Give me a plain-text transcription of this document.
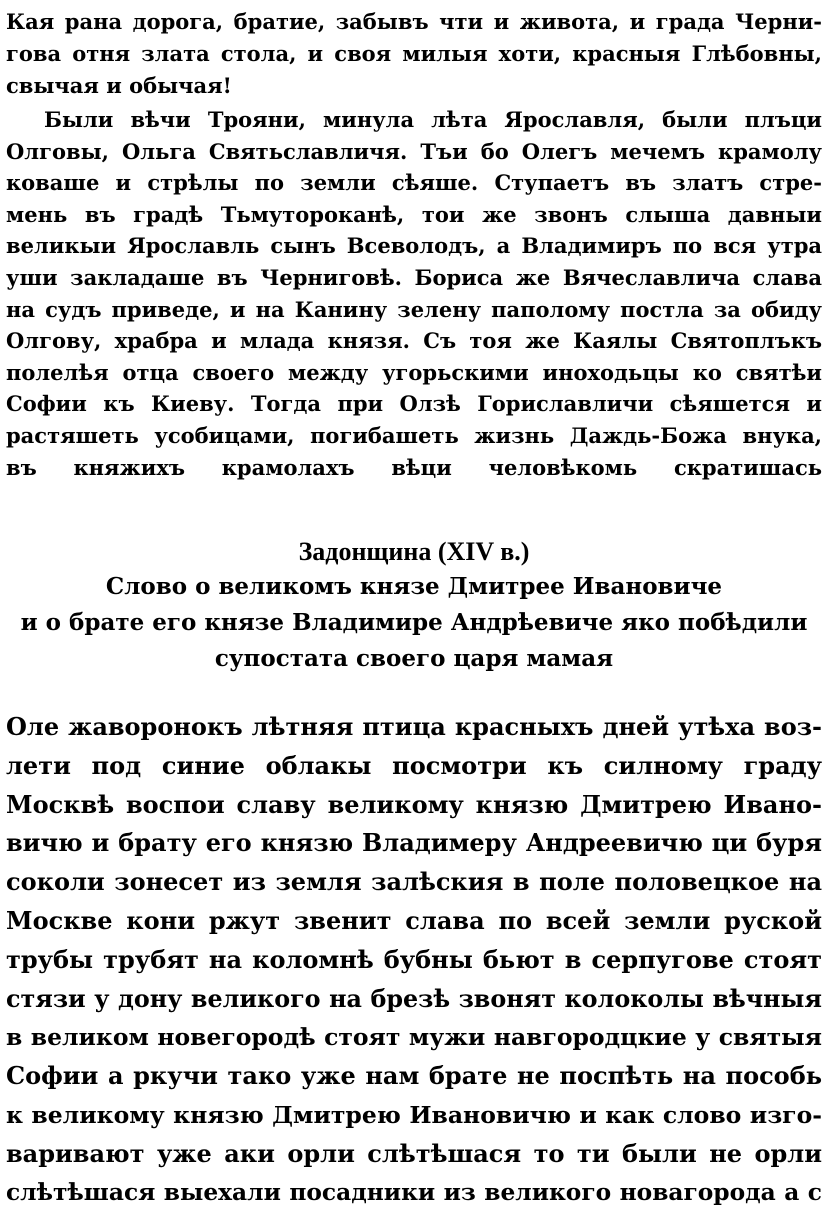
Кая рана дорога, братие, забывъ чти и живота, и града Черни-
гова отня злата стола, и своя милыя хоти, красныя Глѣбовны,
свычая и обычая!

Были вѣчи Трояни, минула лѣта Ярославля, были плъци
Олговы, Ольга Святьславличя. Тъи бо Олегъ мечемъ крамолу
коваше и стрѣлы по земли сѣяше. Ступаетъ въ златъ стре-
мень въ градѣ Тьмутороканѣ, тои же звонъ слыша давныи
великыи Ярославль сынъ Всеволодъ, а Владимиръ по вся утра
уши закладаше въ Черниговѣ. Бориса же Вячеславлича слава
на судъ приведе, и на Канину зелену паполому постла за обиду
Олгову, храбра и млада князя. Съ тоя же Каялы Святоплъкъ
полелѣя отца своего между угорьскими иноходьцы ко святѣи
Софии къ Киеву. Тогда при Олзѣ Гориславличи сѣяшется и
растяшеть усобицами, погибашеть жизнь Даждь-Божа внука,
въ княжихъ крамолахъ вѣци человѣкомь скратишась

Задонщина (XIV в.)
Слово о великомъ князе Дмитрее Ивановиче
и о брате его князе Владимире Андрѣевиче яко побѣдили
супостата своего царя мамая

Оле жаворонокъ лѣтняя птица красныхъ дней утѣха воз-
лети под синие облакы посмотри къ силному граду
Москвѣ воспои славу великому князю Дмитрею Ивано-
вичю и брату его князю Владимеру Андреевичю ци буря
соколи зонесет из земля залѣския в поле половецкое на
Москве кони ржут звенит слава по всей земли руской
трубы трубят на коломнѣ бубны бьют в серпугове стоят
стязи у дону великого на брезѣ звонят колоколы вѣчныя
в великом новегородѣ стоят мужи навгородцкие у святыя
Софии а ркучи тако уже нам брате не поспѣть на пособь
к великому князю Дмитрею Ивановичю и как слово изго-
варивают уже аки орли слѣтѣшася то ти были не орли
слѣтѣшася выехали посадники из великого новагорода а с
